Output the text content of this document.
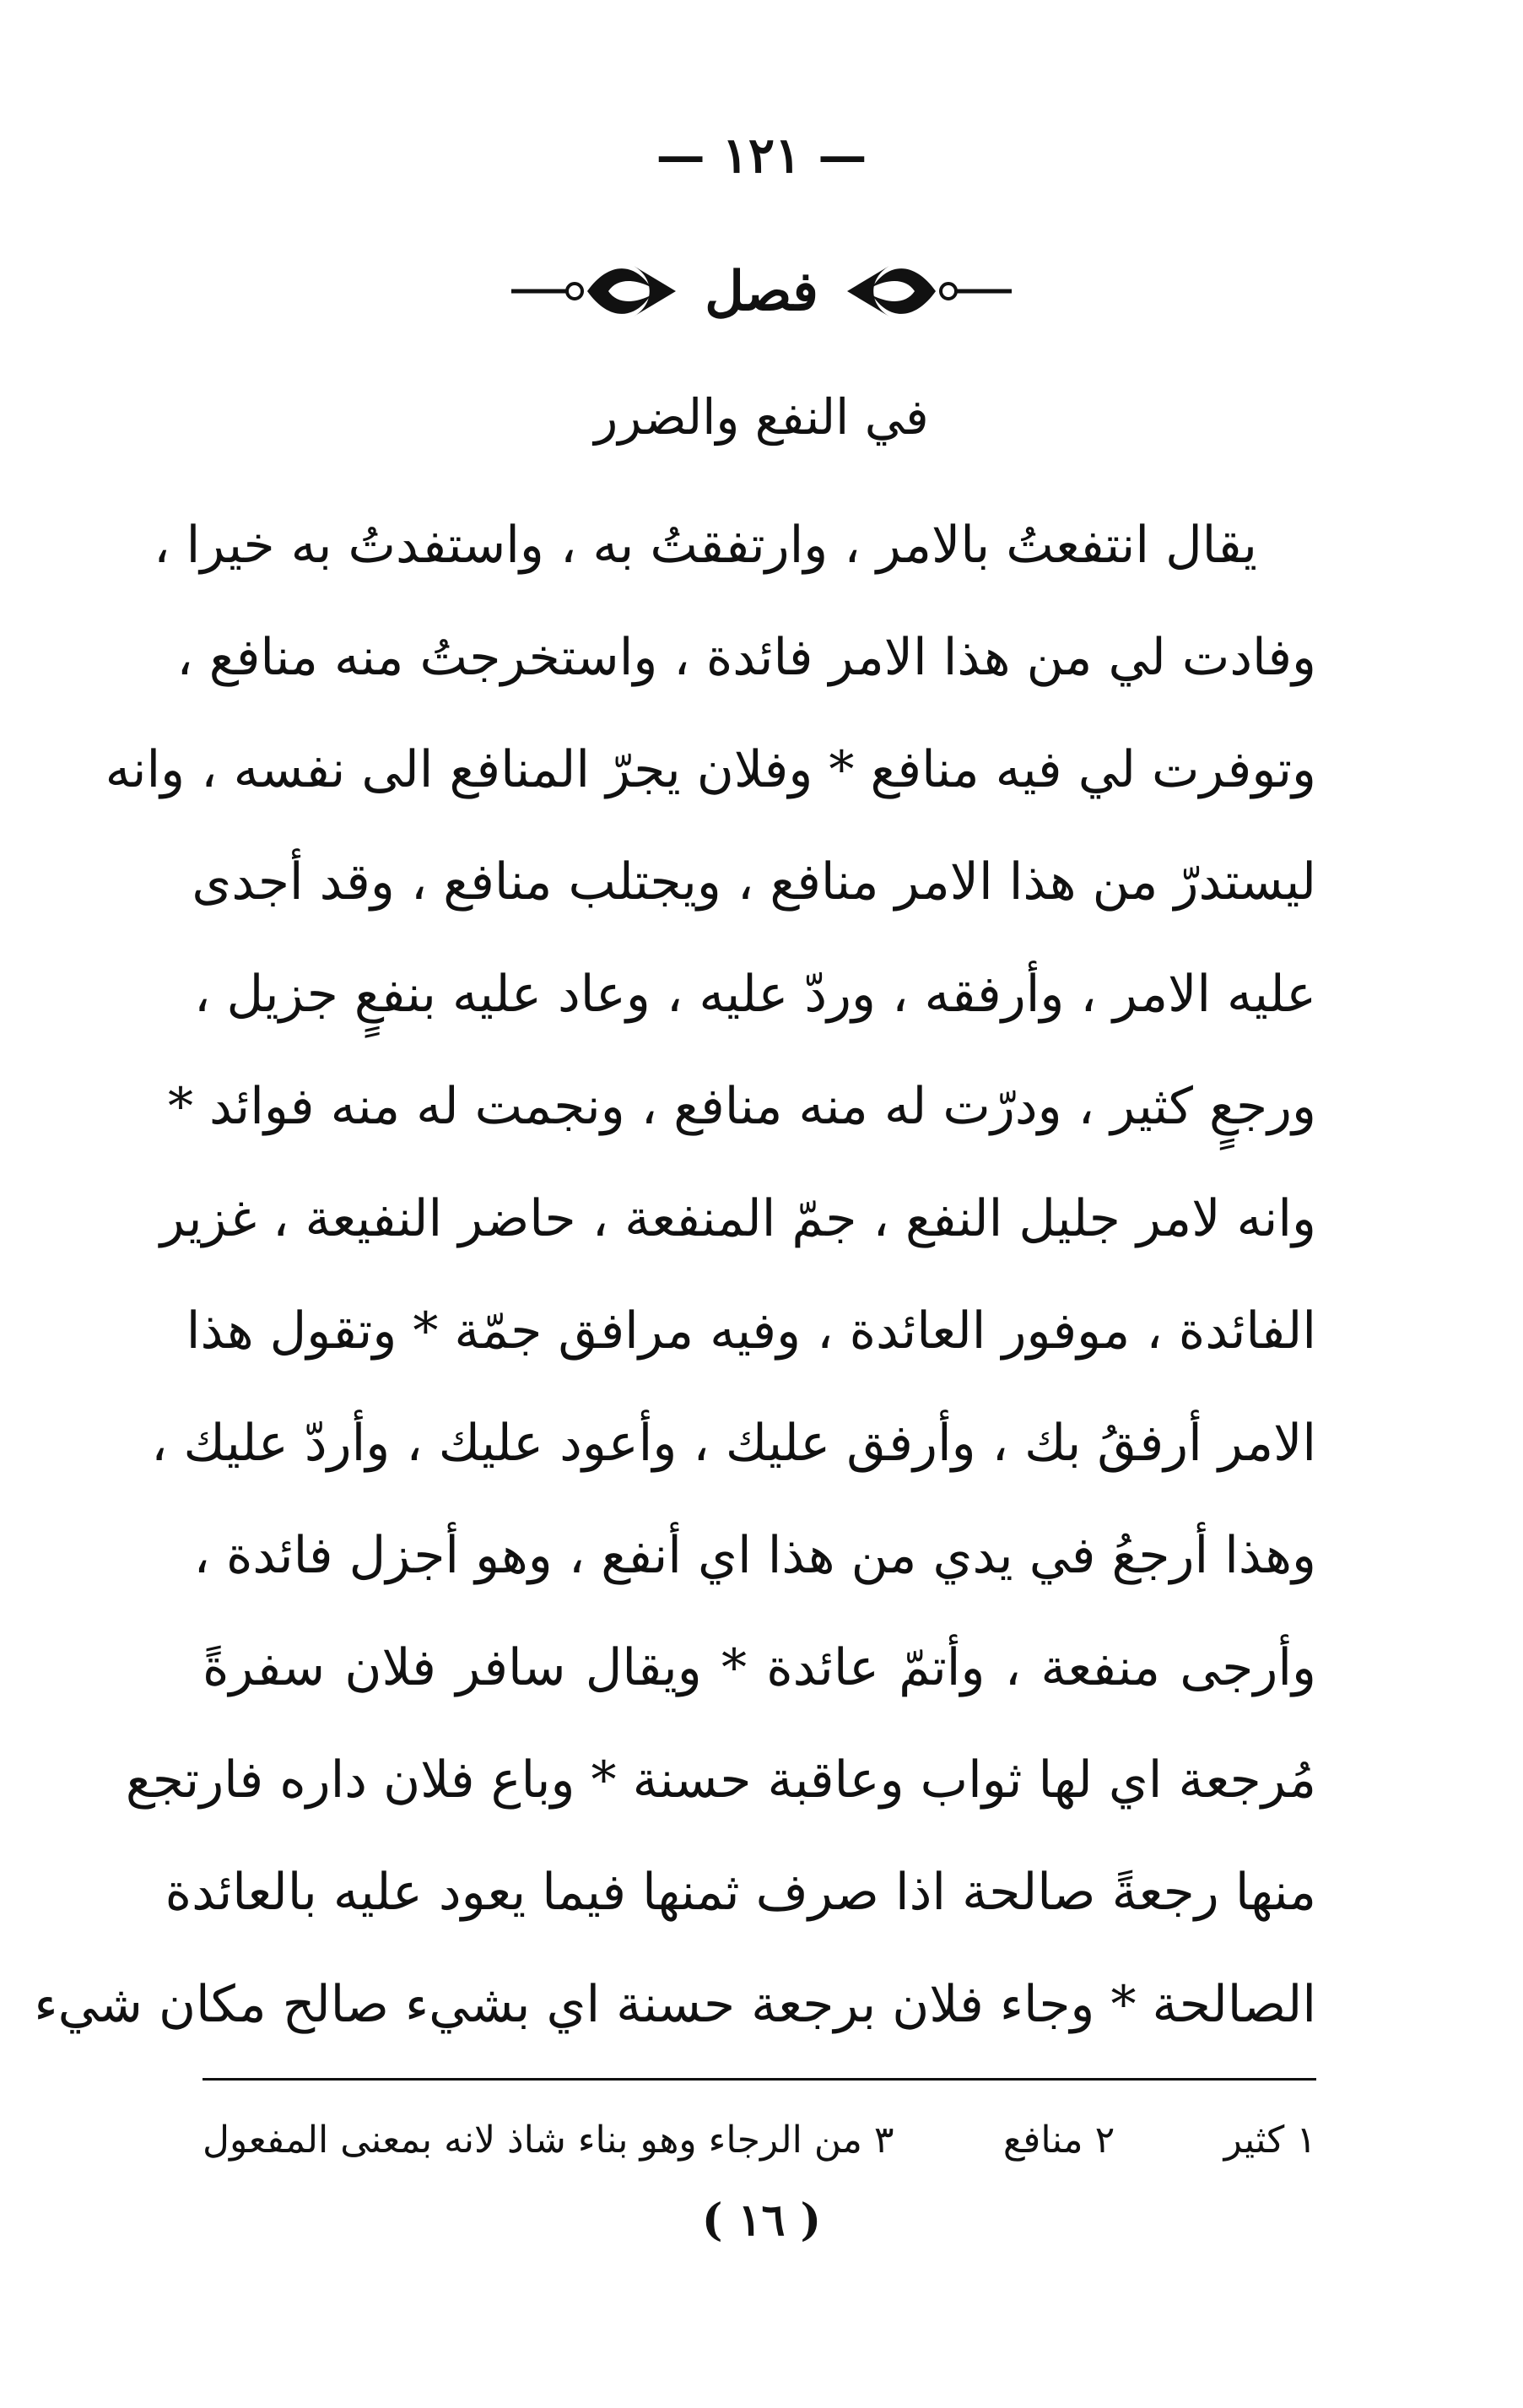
— ١٢١ —
فصل
في النفع والضرر
يقال انتفعتُ بالامر ، وارتفقتُ به ، واستفدتُ به خيرا ،
وفادت لي من هذا الامر فائدة ، واستخرجتُ منه منافع ،
وتوفرت لي فيه منافع * وفلان يجرّ المنافع الى نفسه ، وانه
ليستدرّ من هذا الامر منافع ، ويجتلب منافع ، وقد أجدى
عليه الامر ، وأرفقه ، وردّ عليه ، وعاد عليه بنفعٍ جزيل ،
ورجعٍ كثير ، ودرّت له منه منافع ، ونجمت له منه فوائد *
وانه لامر جليل النفع ، جمّ المنفعة ، حاضر النفيعة ، غزير
الفائدة ، موفور العائدة ، وفيه مرافق جمّة * وتقول هذا
الامر أرفقُ بك ، وأرفق عليك ، وأعود عليك ، وأردّ عليك ،
وهذا أرجعُ في يدي من هذا اي أنفع ، وهو أجزل فائدة ،
وأرجى منفعة ، وأتمّ عائدة * ويقال سافر فلان سفرةً
مُرجعة اي لها ثواب وعاقبة حسنة * وباع فلان داره فارتجع
منها رجعةً صالحة اذا صرف ثمنها فيما يعود عليه بالعائدة
الصالحة * وجاء فلان برجعة حسنة اي بشيء صالح مكان شيء
١ كثير
٢ منافع
٣ من الرجاء وهو بناء شاذ لانه بمعنى المفعول
( ١٦ )
